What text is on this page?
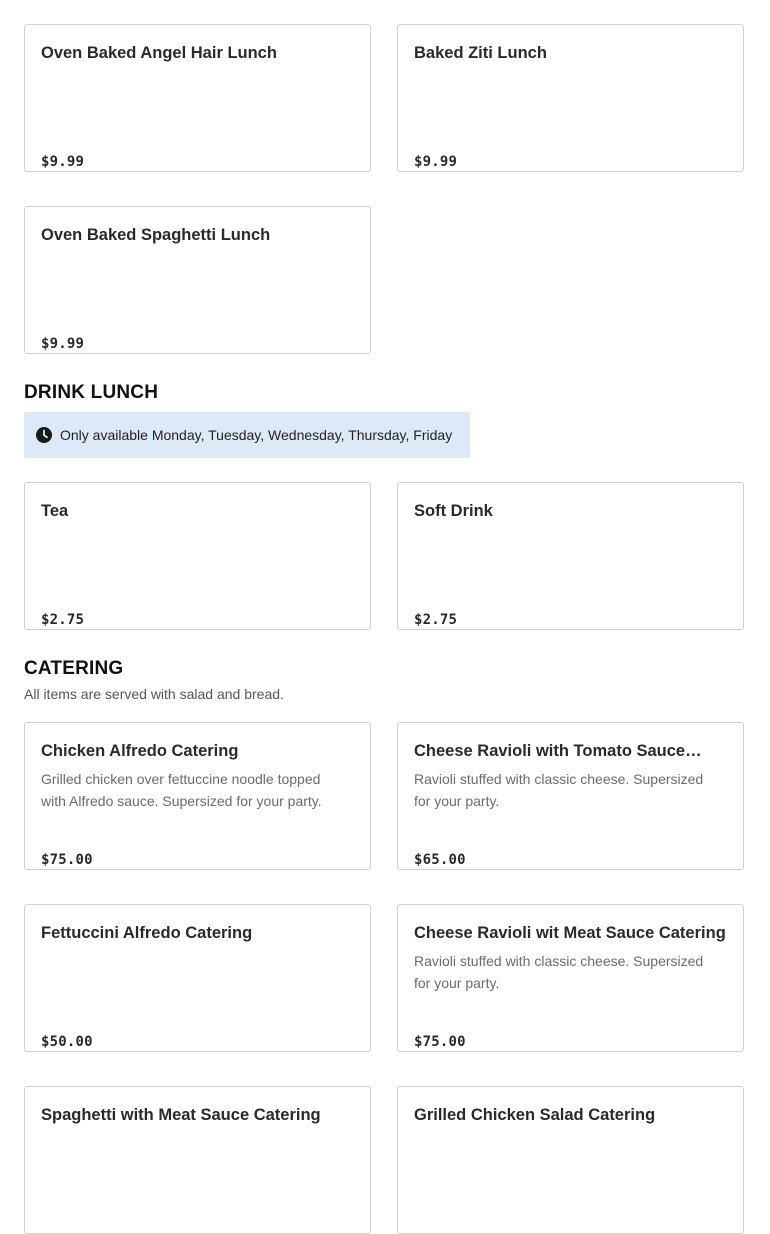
Oven Baked Angel Hair Lunch
$9.99
Baked Ziti Lunch
$9.99
Oven Baked Spaghetti Lunch
$9.99
DRINK LUNCH
Only available Monday, Tuesday, Wednesday, Thursday, Friday
Tea
$2.75
Soft Drink
$2.75
CATERING
All items are served with salad and bread.
Chicken Alfredo Catering
Grilled chicken over fettuccine noodle topped with Alfredo sauce. Supersized for your party.
$75.00
Cheese Ravioli with Tomato Sauce…
Ravioli stuffed with classic cheese. Supersized for your party.
$65.00
Fettuccini Alfredo Catering
$50.00
Cheese Ravioli wit Meat Sauce Catering
Ravioli stuffed with classic cheese. Supersized for your party.
$75.00
Spaghetti with Meat Sauce Catering	Grilled Chicken Salad Catering
